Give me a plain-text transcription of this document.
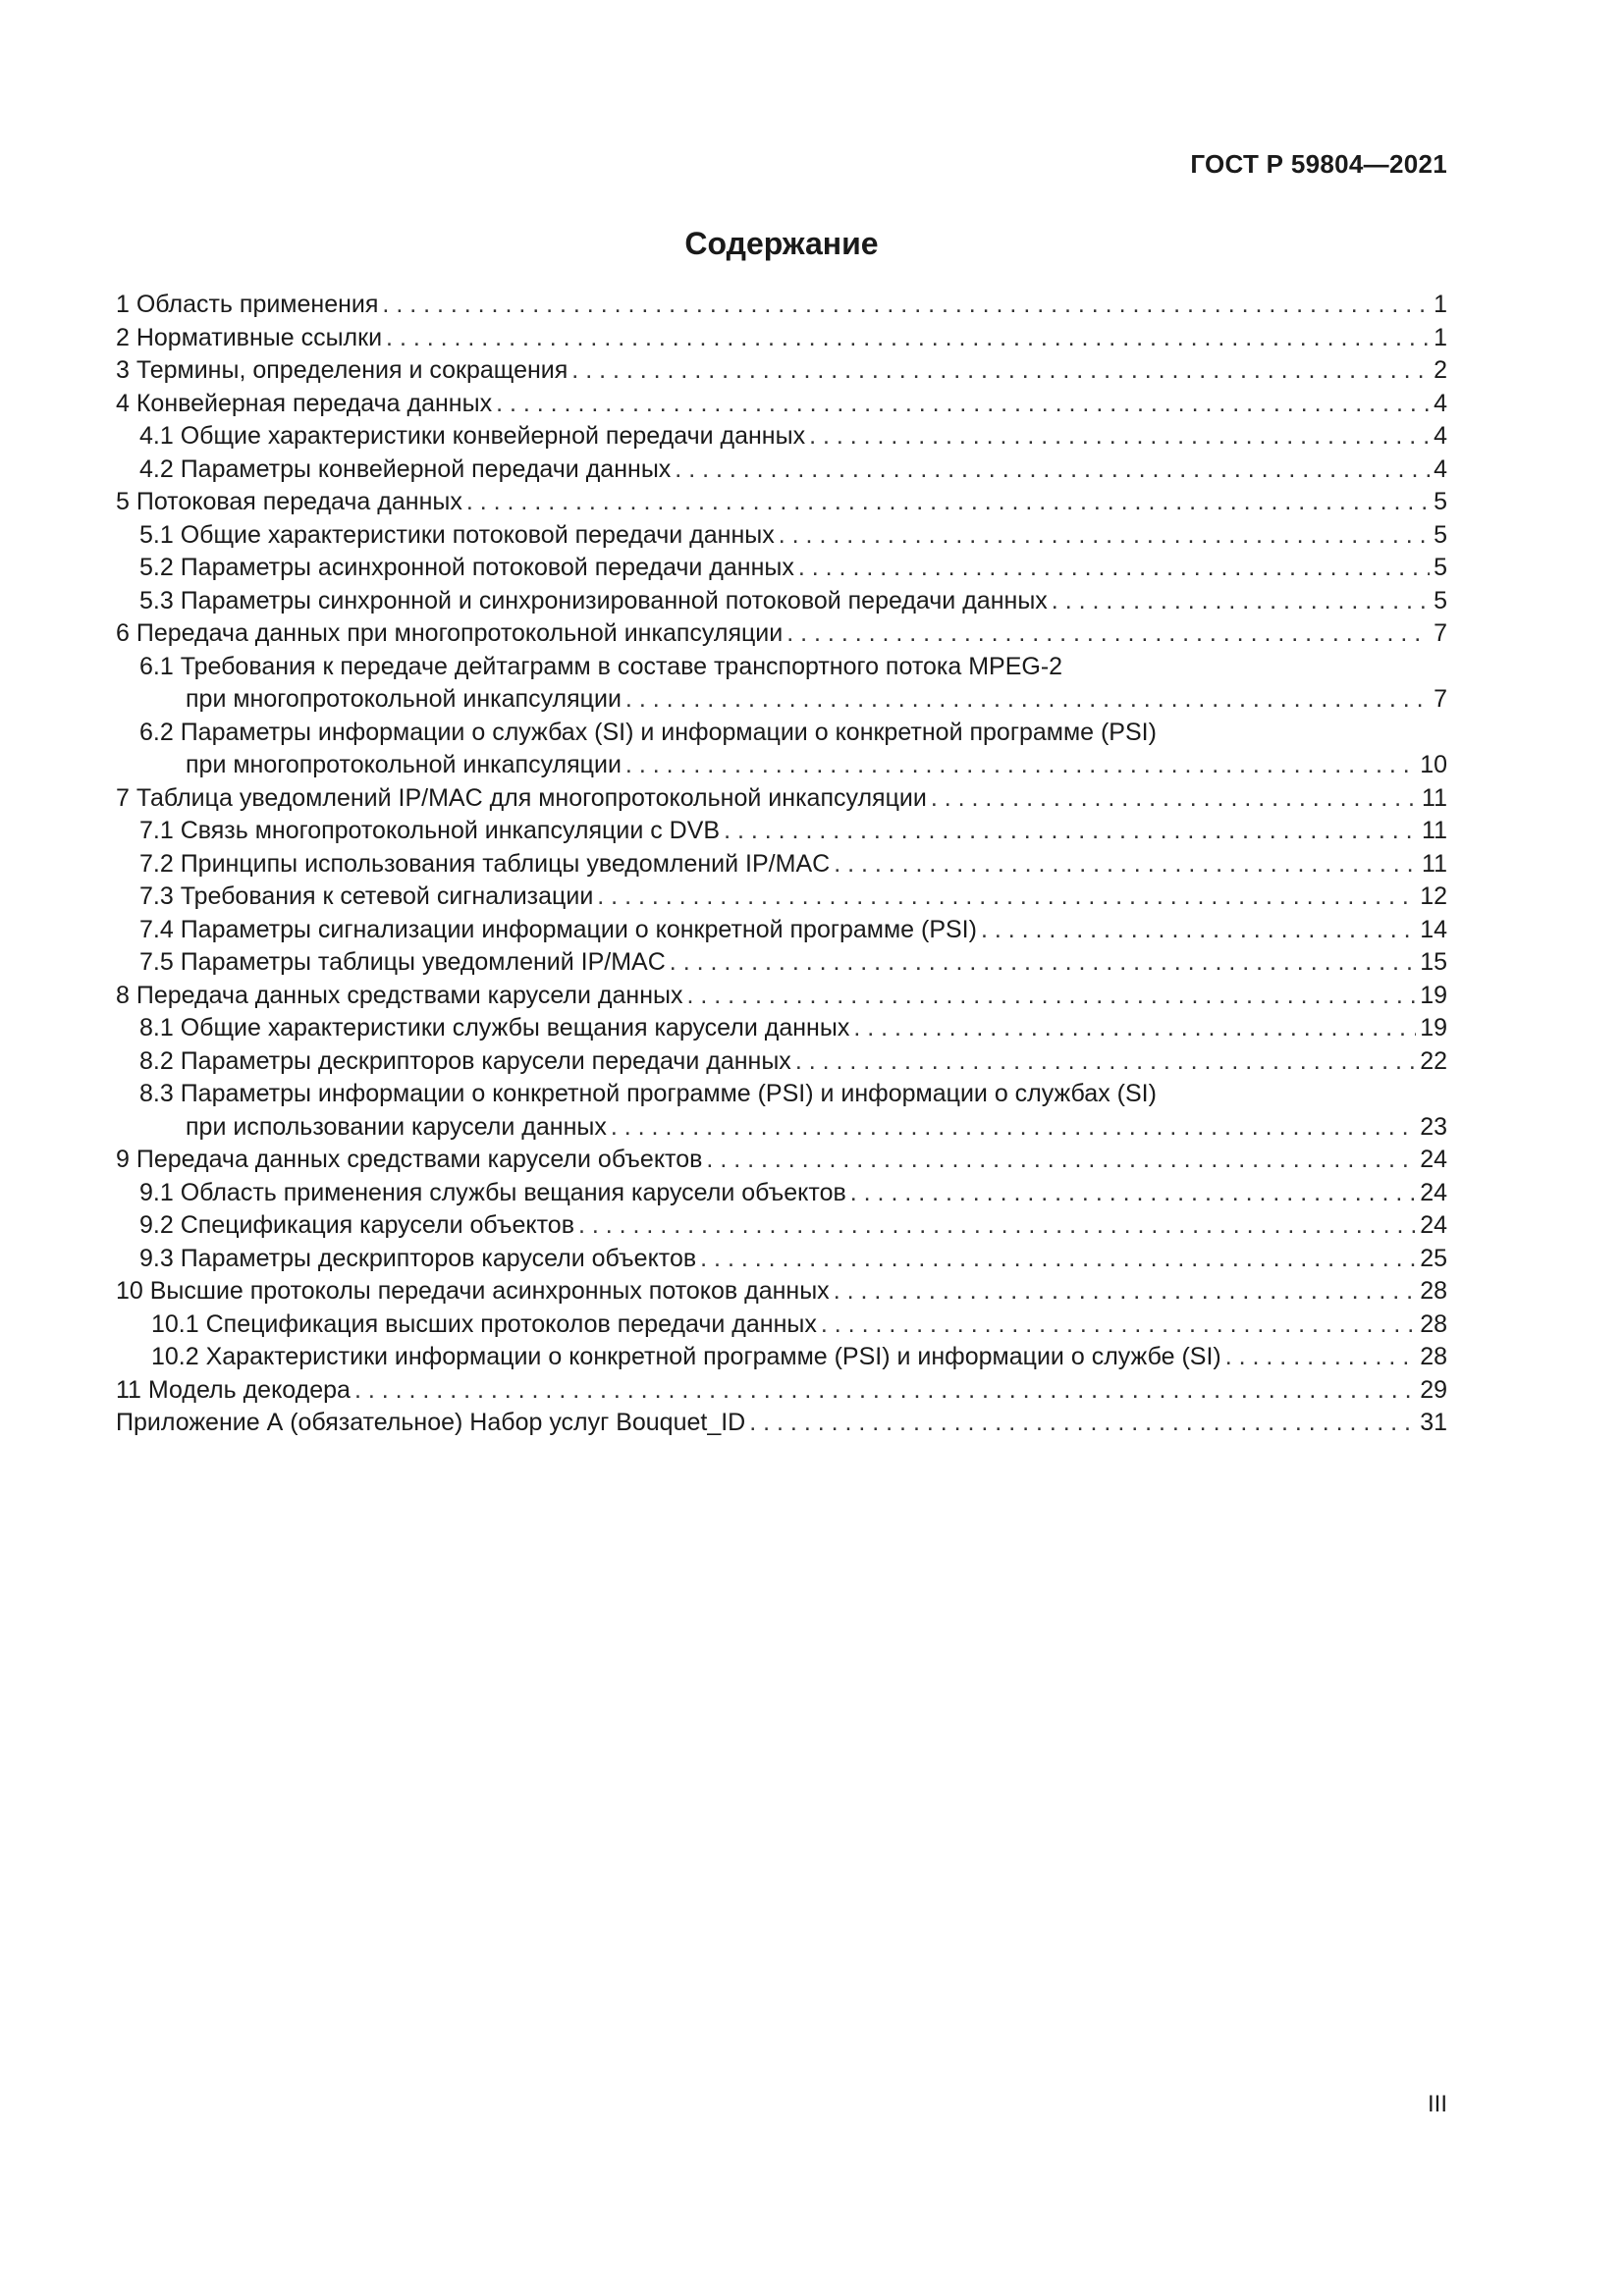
ГОСТ Р 59804—2021
Содержание
1 Область применения . . .	1
2 Нормативные ссылки . . .	1
3 Термины, определения и сокращения . . .	2
4 Конвейерная передача данных . . .	4
4.1 Общие характеристики конвейерной передачи данных . . .	4
4.2 Параметры конвейерной передачи данных . . .	4
5 Потоковая передача данных . . .	5
5.1 Общие характеристики потоковой передачи данных . . .	5
5.2 Параметры асинхронной потоковой передачи данных . . .	5
5.3 Параметры синхронной и синхронизированной потоковой передачи данных . . .	5
6 Передача данных при многопротокольной инкапсуляции . . .	7
6.1 Требования к передаче дейтаграмм в составе транспортного потока MPEG-2
при многопротокольной инкапсуляции . . .	7
6.2 Параметры информации о службах (SI) и информации о конкретной программе (PSI)
при многопротокольной инкапсуляции . . .	10
7 Таблица уведомлений IP/MAC для многопротокольной инкапсуляции . . .	11
7.1 Связь многопротокольной инкапсуляции с DVB . . .	11
7.2 Принципы использования таблицы уведомлений IP/MAC . . .	11
7.3 Требования к сетевой сигнализации . . .	12
7.4 Параметры сигнализации информации о конкретной программе (PSI) . . .	14
7.5 Параметры таблицы уведомлений IP/MAC . . .	15
8 Передача данных средствами карусели данных . . .	19
8.1 Общие характеристики службы вещания карусели данных . . .	19
8.2 Параметры дескрипторов карусели передачи данных . . .	22
8.3 Параметры информации о конкретной программе (PSI) и информации о службах (SI)
при использовании карусели данных . . .	23
9 Передача данных средствами карусели объектов . . .	24
9.1 Область применения службы вещания карусели объектов . . .	24
9.2 Спецификация карусели объектов . . .	24
9.3 Параметры дескрипторов карусели объектов . . .	25
10 Высшие протоколы передачи асинхронных потоков данных . . .	28
10.1 Спецификация высших протоколов передачи данных . . .	28
10.2 Характеристики информации о конкретной программе (PSI) и информации о службе (SI) . . .	28
11 Модель декодера . . .	29
Приложение А (обязательное) Набор услуг Bouquet_ID . . .	31
III
